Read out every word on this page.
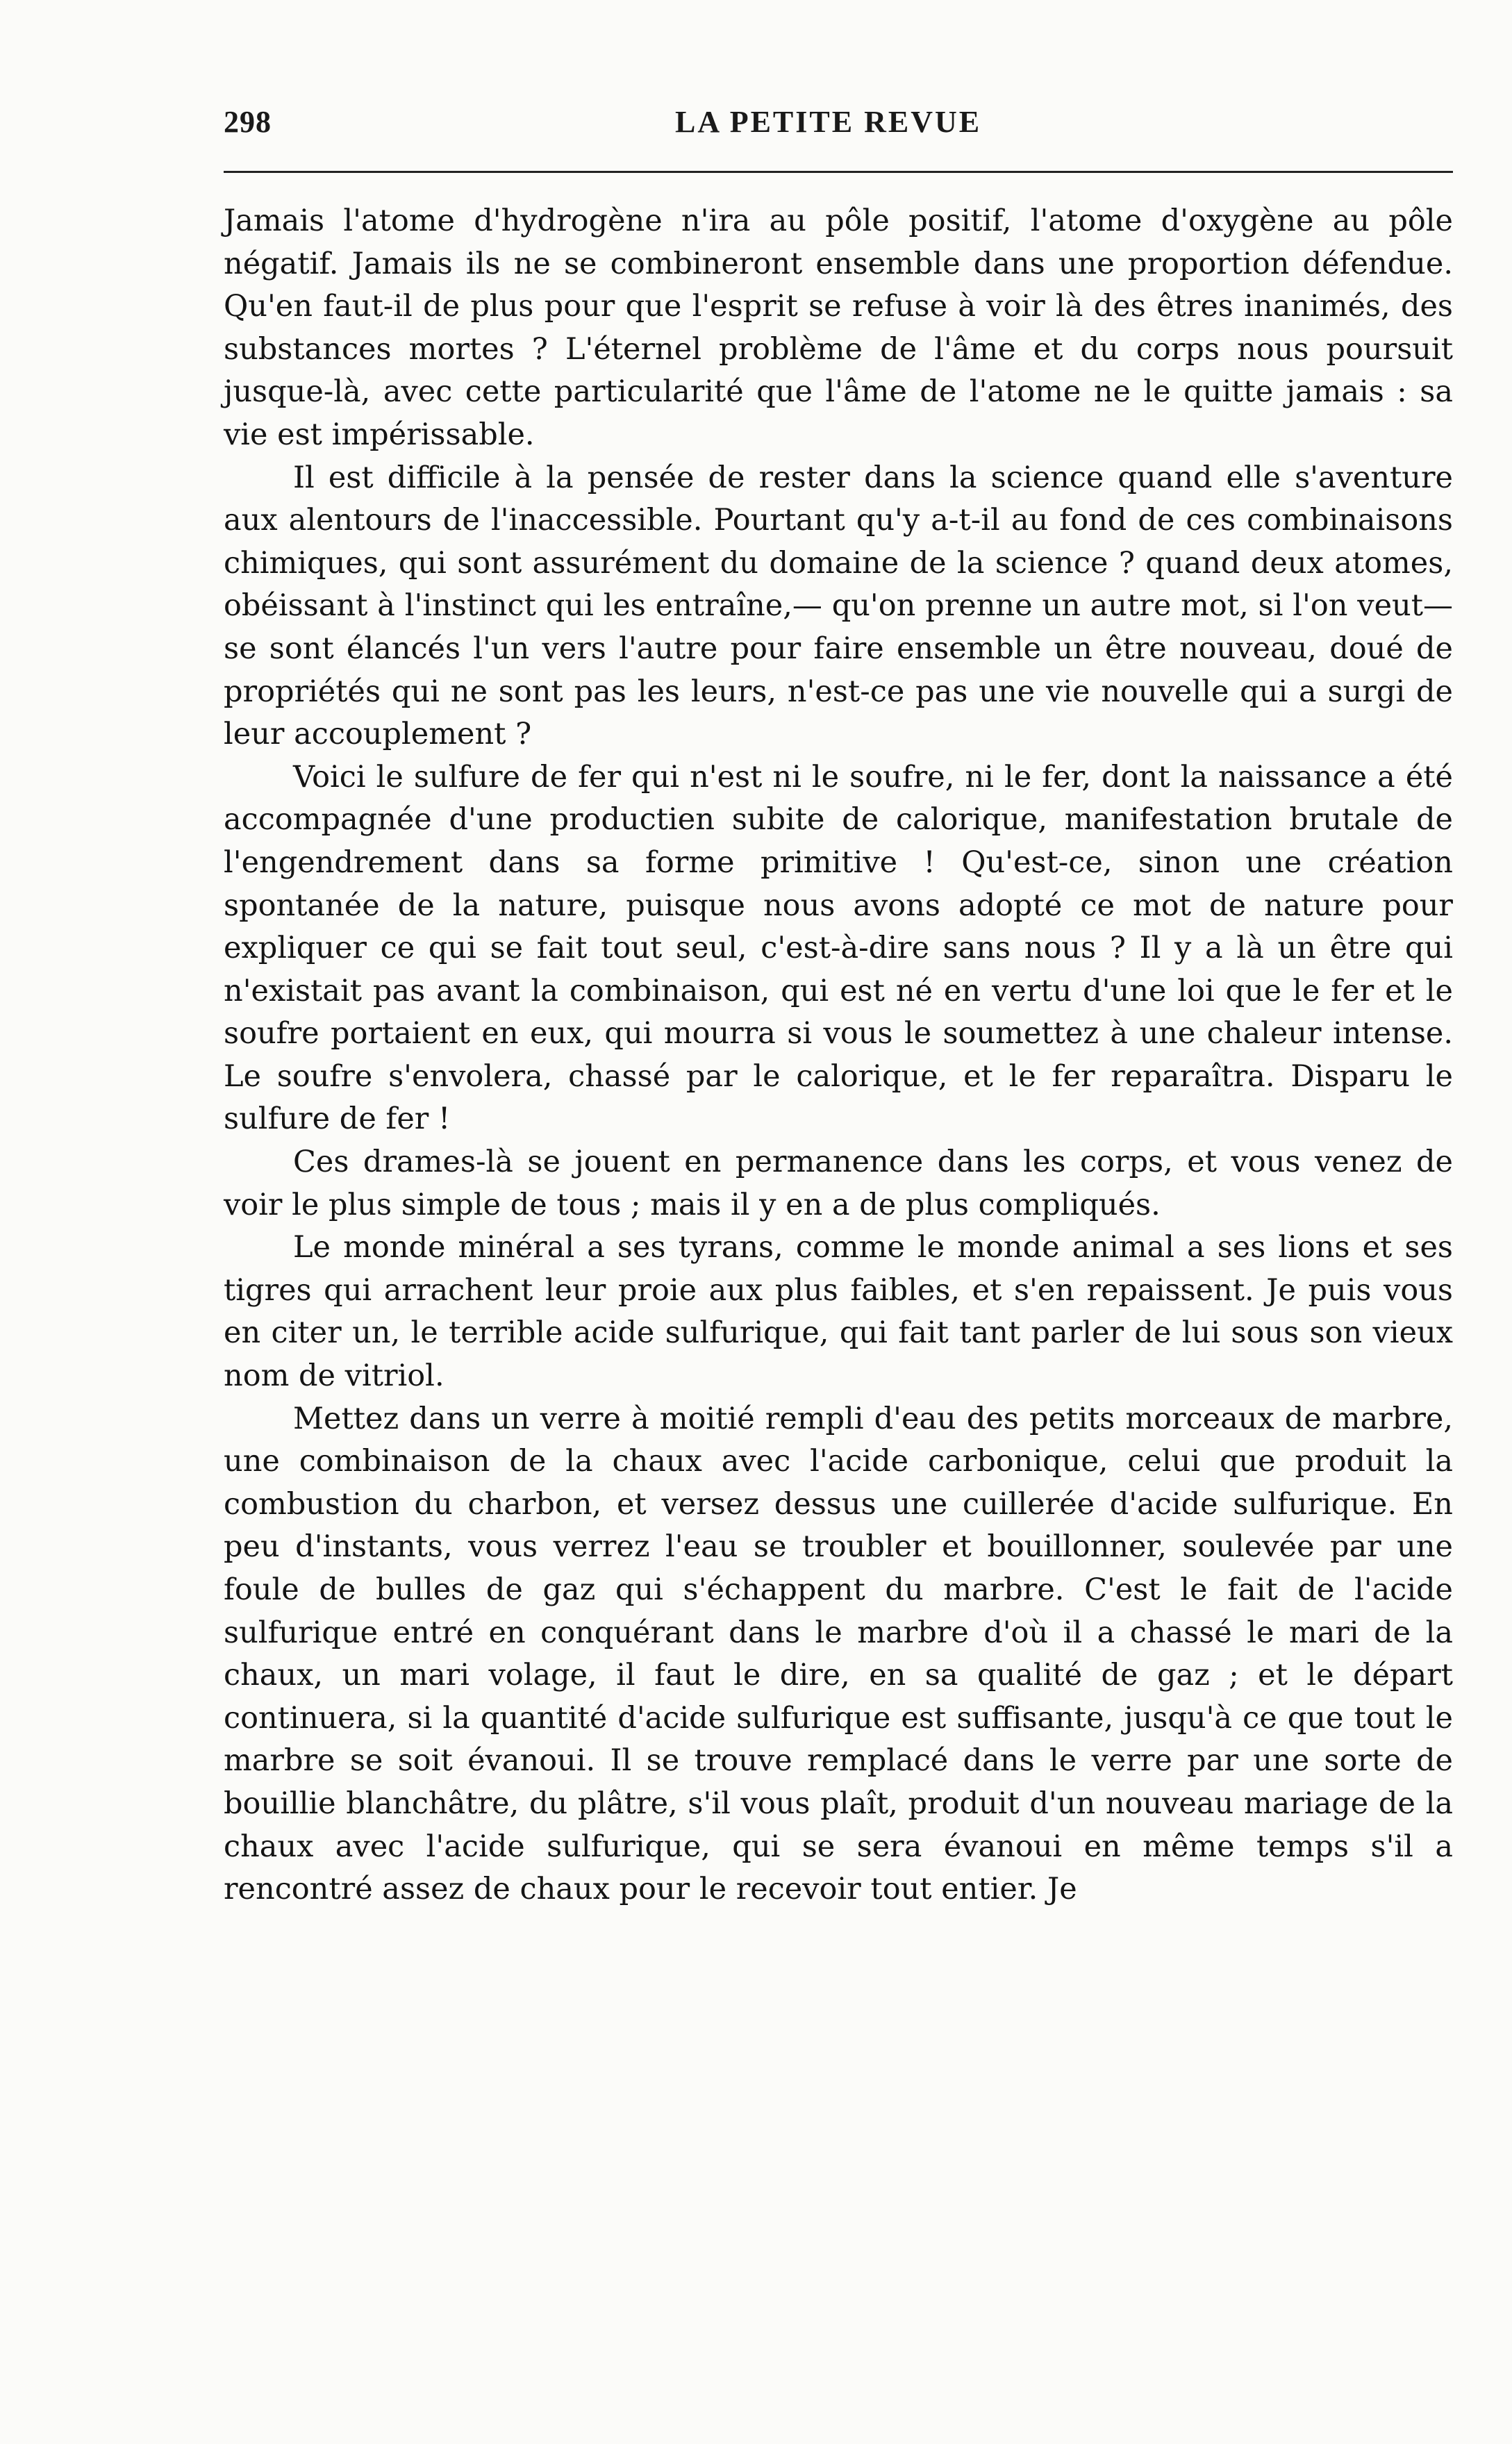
298	LA PETITE REVUE

Jamais l'atome d'hydrogène n'ira au pôle positif, l'atome d'oxygène au pôle négatif. Jamais ils ne se combineront ensemble dans une proportion défendue. Qu'en faut-il de plus pour que l'esprit se refuse à voir là des êtres inanimés, des substances mortes ? L'éternel problème de l'âme et du corps nous poursuit jusque-là, avec cette particularité que l'âme de l'atome ne le quitte jamais : sa vie est impérissable.

Il est difficile à la pensée de rester dans la science quand elle s'aventure aux alentours de l'inaccessible. Pourtant qu'y a-t-il au fond de ces combinaisons chimiques, qui sont assurément du domaine de la science ? quand deux atomes, obéissant à l'instinct qui les entraîne,— qu'on prenne un autre mot, si l'on veut—se sont élancés l'un vers l'autre pour faire ensemble un être nouveau, doué de propriétés qui ne sont pas les leurs, n'est-ce pas une vie nouvelle qui a surgi de leur accouplement ?

Voici le sulfure de fer qui n'est ni le soufre, ni le fer, dont la naissance a été accompagnée d'une productien subite de calorique, manifestation brutale de l'engendrement dans sa forme primitive ! Qu'est-ce, sinon une création spontanée de la nature, puisque nous avons adopté ce mot de nature pour expliquer ce qui se fait tout seul, c'est-à-dire sans nous ? Il y a là un être qui n'existait pas avant la combinaison, qui est né en vertu d'une loi que le fer et le soufre portaient en eux, qui mourra si vous le soumettez à une chaleur intense. Le soufre s'envolera, chassé par le calorique, et le fer reparaîtra. Disparu le sulfure de fer !

Ces drames-là se jouent en permanence dans les corps, et vous venez de voir le plus simple de tous ; mais il y en a de plus compliqués.

Le monde minéral a ses tyrans, comme le monde animal a ses lions et ses tigres qui arrachent leur proie aux plus faibles, et s'en repaissent. Je puis vous en citer un, le terrible acide sulfurique, qui fait tant parler de lui sous son vieux nom de vitriol.

Mettez dans un verre à moitié rempli d'eau des petits morceaux de marbre, une combinaison de la chaux avec l'acide carbonique, celui que produit la combustion du charbon, et versez dessus une cuillerée d'acide sulfurique. En peu d'instants, vous verrez l'eau se troubler et bouillonner, soulevée par une foule de bulles de gaz qui s'échappent du marbre. C'est le fait de l'acide sulfurique entré en conquérant dans le marbre d'où il a chassé le mari de la chaux, un mari volage, il faut le dire, en sa qualité de gaz ; et le départ continuera, si la quantité d'acide sulfurique est suffisante, jusqu'à ce que tout le marbre se soit évanoui. Il se trouve remplacé dans le verre par une sorte de bouillie blanchâtre, du plâtre, s'il vous plaît, produit d'un nouveau mariage de la chaux avec l'acide sulfurique, qui se sera évanoui en même temps s'il a rencontré assez de chaux pour le recevoir tout entier. Je
